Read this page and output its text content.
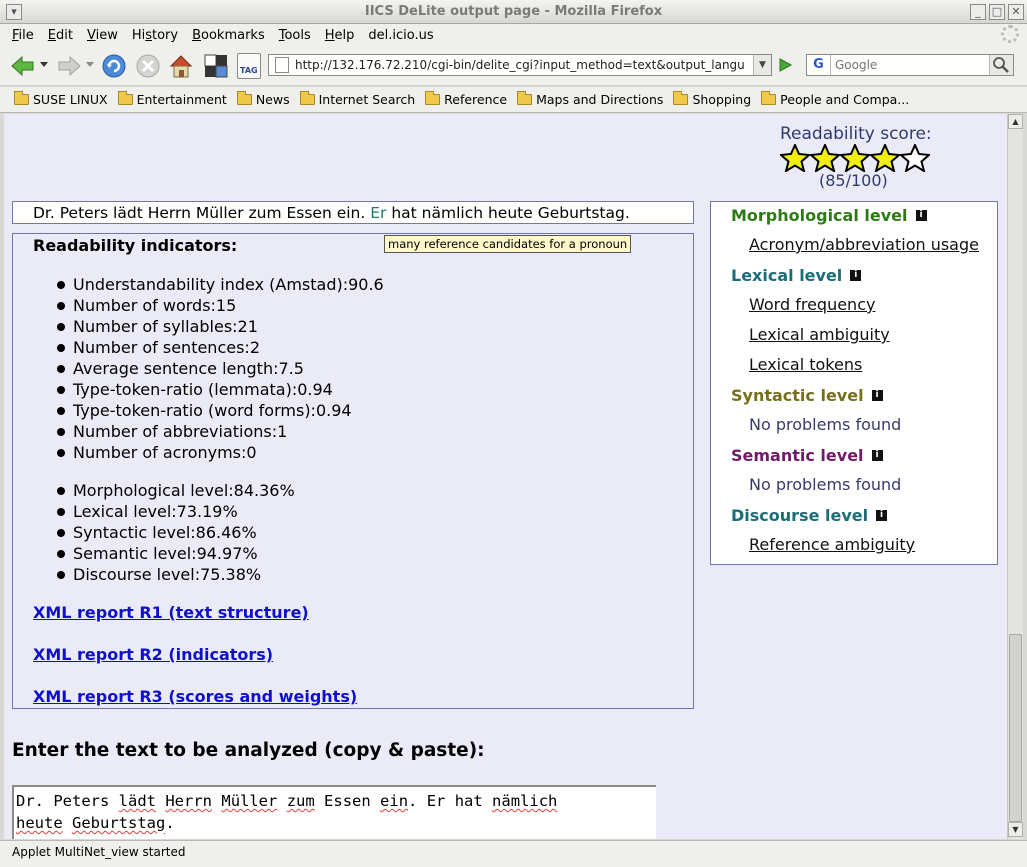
▾	IICS DeLite output page - Mozilla Firefox	_	□ ✕
File Edit View History Bookmarks Tools Help del.icio.us
TAG	http://132.176.72.210/cgi-bin/delite_cgi?input_method=text&output_langu	▼	G
Google
SUSE LINUX Entertainment News Internet Search Reference Maps and Directions Shopping People and Compa...
Readability score:
(85/100)
Dr. Peters lädt Herrn Müller zum Essen ein. Er hat nämlich heute Geburtstag.
Readability indicators:	many reference candidates for a pronoun
Understandability index (Amstad):90.6
Number of words:15
Number of syllables:21
Number of sentences:2
Average sentence length:7.5
Type-token-ratio (lemmata):0.94
Type-token-ratio (word forms):0.94
Number of abbreviations:1
Number of acronyms:0
Morphological level:84.36%
Lexical level:73.19%
Syntactic level:86.46%
Semantic level:94.97%
Discourse level:75.38%
XML report R1 (text structure)
XML report R2 (indicators)
XML report R3 (scores and weights)
Morphological level	i
Acronym/abbreviation usage
Lexical level	i
Word frequency
Lexical ambiguity
Lexical tokens
Syntactic level	i
No problems found
Semantic level	i
No problems found
Discourse level	i
Reference ambiguity
Enter the text to be analyzed (copy & paste):
Dr. Peters lädt Herrn Müller zum Essen ein. Er hat nämlich
heute Geburtstag.
▲
▼
Applet MultiNet_view started
